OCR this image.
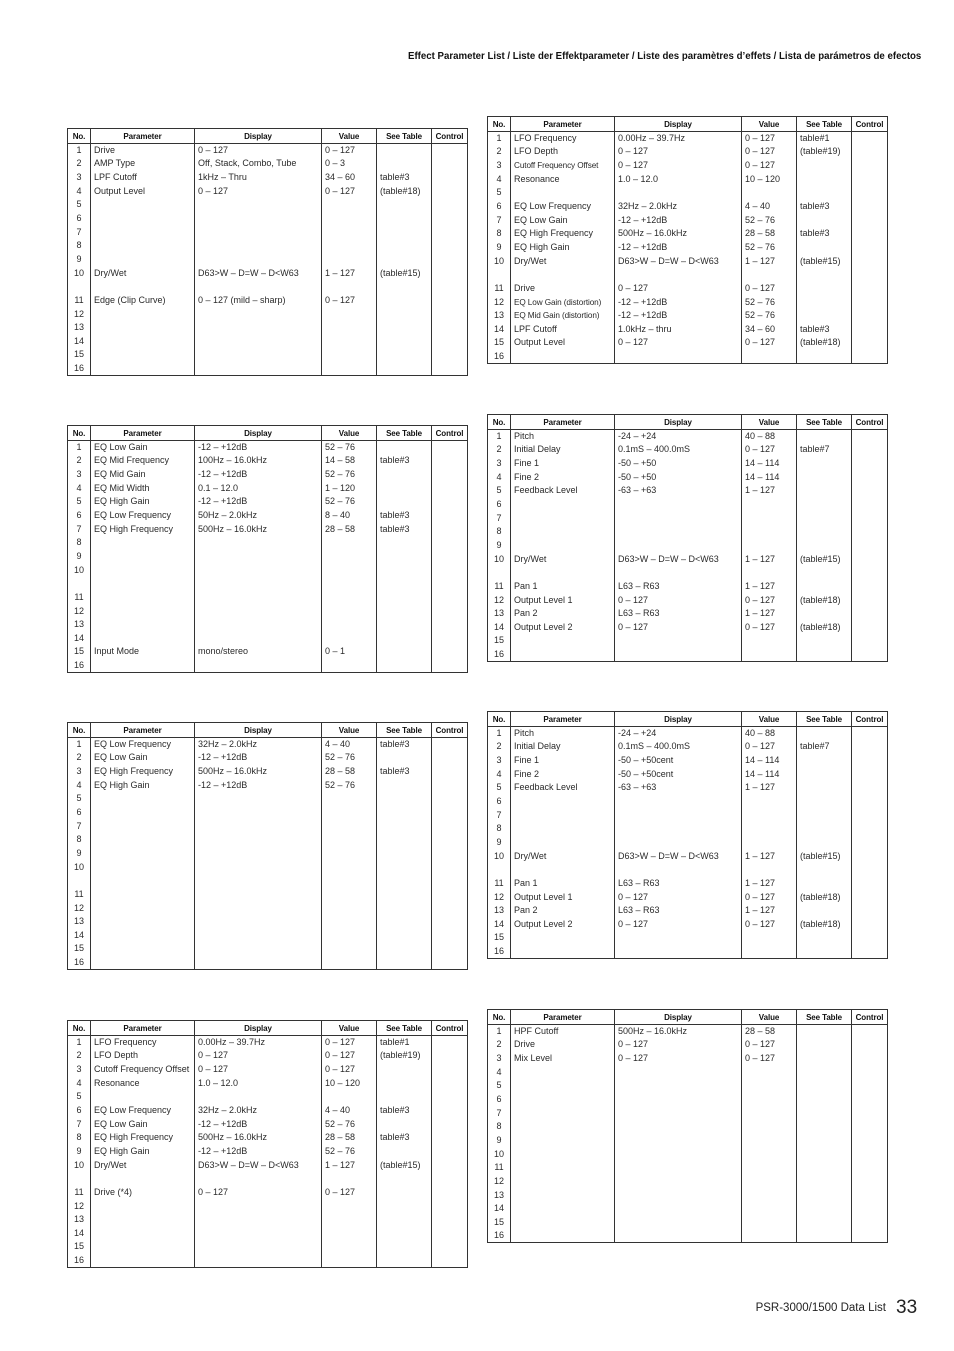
Effect Parameter List / Liste der Effektparameter / Liste des paramètres d’effets / Lista de parámetros de efectos
No.	Parameter	Display	Value	See Table	Control
1	Drive	0 – 127	0 – 127		
2	AMP Type	Off, Stack, Combo, Tube	0 – 3		
3	LPF Cutoff	1kHz – Thru	34 – 60	table#3	
4	Output Level	0 – 127	0 – 127	(table#18)	
5					
6					
7					
8					
9					
10	Dry/Wet	D63>W – D=W – D<W63	1 – 127	(table#15)	

11	Edge (Clip Curve)	0 – 127 (mild – sharp)	0 – 127		
12					
13					
14					
15					
16					
No.	Parameter	Display	Value	See Table	Control
1	LFO Frequency	0.00Hz – 39.7Hz	0 – 127	table#1	
2	LFO Depth	0 – 127	0 – 127	(table#19)	
3	Cutoff Frequency Offset	0 – 127	0 – 127		
4	Resonance	1.0 – 12.0	10 – 120		
5					
6	EQ Low Frequency	32Hz – 2.0kHz	4 – 40	table#3	
7	EQ Low Gain	-12 – +12dB	52 – 76		
8	EQ High Frequency	500Hz – 16.0kHz	28 – 58	table#3	
9	EQ High Gain	-12 – +12dB	52 – 76		
10	Dry/Wet	D63>W – D=W – D<W63	1 – 127	(table#15)	

11	Drive	0 – 127	0 – 127		
12	EQ Low Gain (distortion)	-12 – +12dB	52 – 76		
13	EQ Mid Gain (distortion)	-12 – +12dB	52 – 76		
14	LPF Cutoff	1.0kHz – thru	34 – 60	table#3	
15	Output Level	0 – 127	0 – 127	(table#18)	
16					
No.	Parameter	Display	Value	See Table	Control
1	EQ Low Gain	-12 – +12dB	52 – 76		
2	EQ Mid Frequency	100Hz – 16.0kHz	14 – 58	table#3	
3	EQ Mid Gain	-12 – +12dB	52 – 76		
4	EQ Mid Width	0.1 – 12.0	1 – 120		
5	EQ High Gain	-12 – +12dB	52 – 76		
6	EQ Low Frequency	50Hz – 2.0kHz	8 – 40	table#3	
7	EQ High Frequency	500Hz – 16.0kHz	28 – 58	table#3	
8					
9					
10					

11					
12					
13					
14					
15	Input Mode	mono/stereo	0 – 1		
16					
No.	Parameter	Display	Value	See Table	Control
1	Pitch	-24 – +24	40 – 88		
2	Initial Delay	0.1mS – 400.0mS	0 – 127	table#7	
3	Fine 1	-50 – +50	14 – 114		
4	Fine 2	-50 – +50	14 – 114		
5	Feedback Level	-63 – +63	1 – 127		
6					
7					
8					
9					
10	Dry/Wet	D63>W – D=W – D<W63	1 – 127	(table#15)	

11	Pan 1	L63 – R63	1 – 127		
12	Output Level 1	0 – 127	0 – 127	(table#18)	
13	Pan 2	L63 – R63	1 – 127		
14	Output Level 2	0 – 127	0 – 127	(table#18)	
15					
16					
No.	Parameter	Display	Value	See Table	Control
1	EQ Low Frequency	32Hz – 2.0kHz	4 – 40	table#3	
2	EQ Low Gain	-12 – +12dB	52 – 76		
3	EQ High Frequency	500Hz – 16.0kHz	28 – 58	table#3	
4	EQ High Gain	-12 – +12dB	52 – 76		
5					
6					
7					
8					
9					
10					

11					
12					
13					
14					
15					
16					
No.	Parameter	Display	Value	See Table	Control
1	Pitch	-24 – +24	40 – 88		
2	Initial Delay	0.1mS – 400.0mS	0 – 127	table#7	
3	Fine 1	-50 – +50cent	14 – 114		
4	Fine 2	-50 – +50cent	14 – 114		
5	Feedback Level	-63 – +63	1 – 127		
6					
7					
8					
9					
10	Dry/Wet	D63>W – D=W – D<W63	1 – 127	(table#15)	

11	Pan 1	L63 – R63	1 – 127		
12	Output Level 1	0 – 127	0 – 127	(table#18)	
13	Pan 2	L63 – R63	1 – 127		
14	Output Level 2	0 – 127	0 – 127	(table#18)	
15					
16					
No.	Parameter	Display	Value	See Table	Control
1	LFO Frequency	0.00Hz – 39.7Hz	0 – 127	table#1	
2	LFO Depth	0 – 127	0 – 127	(table#19)	
3	Cutoff Frequency Offset	0 – 127	0 – 127		
4	Resonance	1.0 – 12.0	10 – 120		
5					
6	EQ Low Frequency	32Hz – 2.0kHz	4 – 40	table#3	
7	EQ Low Gain	-12 – +12dB	52 – 76		
8	EQ High Frequency	500Hz – 16.0kHz	28 – 58	table#3	
9	EQ High Gain	-12 – +12dB	52 – 76		
10	Dry/Wet	D63>W – D=W – D<W63	1 – 127	(table#15)	

11	Drive (*4)	0 – 127	0 – 127		
12					
13					
14					
15					
16					
No.	Parameter	Display	Value	See Table	Control
1	HPF Cutoff	500Hz – 16.0kHz	28 – 58		
2	Drive	0 – 127	0 – 127		
3	Mix Level	0 – 127	0 – 127		
4					
5					
6					
7					
8					
9					
10					
11					
12					
13					
14					
15					
16					
PSR-3000/1500 Data List 33
